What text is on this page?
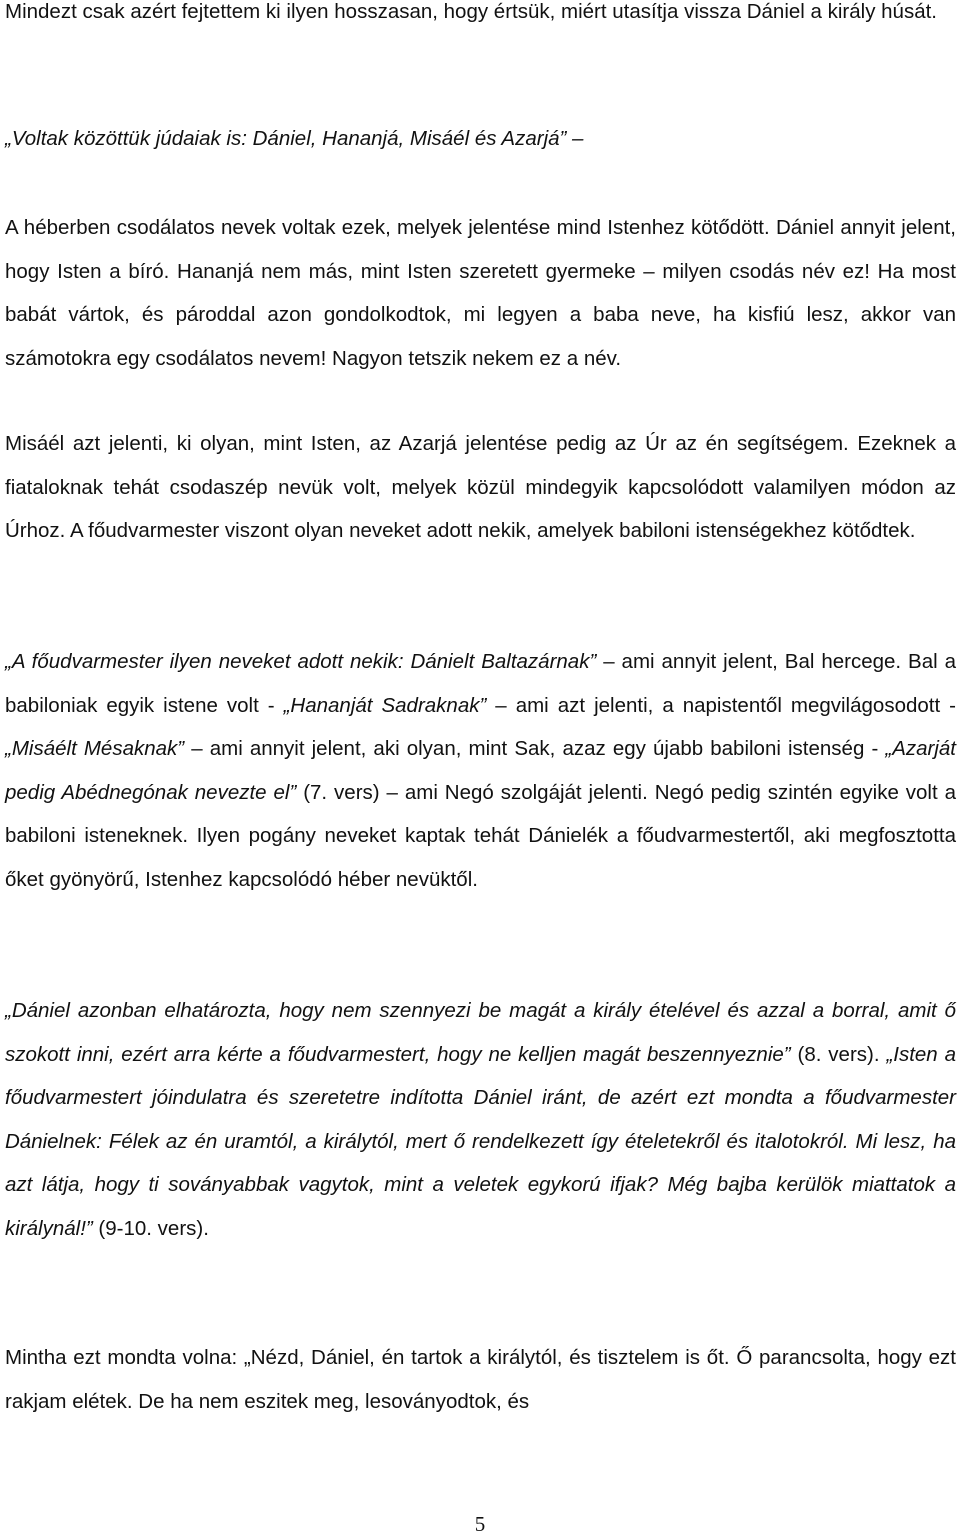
Mindezt csak azért fejtettem ki ilyen hosszasan, hogy értsük, miért utasítja vissza Dániel a király húsát.

„Voltak közöttük júdaiak is: Dániel, Hananjá, Misáél és Azarjá” –

A héberben csodálatos nevek voltak ezek, melyek jelentése mind Istenhez kötődött. Dániel annyit jelent, hogy Isten a bíró. Hananjá nem más, mint Isten szeretett gyermeke – milyen csodás név ez! Ha most babát vártok, és pároddal azon gondolkodtok, mi legyen a baba neve, ha kisfiú lesz, akkor van számotokra egy csodálatos nevem! Nagyon tetszik nekem ez a név.

Misáél azt jelenti, ki olyan, mint Isten, az Azarjá jelentése pedig az Úr az én segítségem. Ezeknek a fiataloknak tehát csodaszép nevük volt, melyek közül mindegyik kapcsolódott valamilyen módon az Úrhoz. A főudvarmester viszont olyan neveket adott nekik, amelyek babiloni istenségekhez kötődtek.

„A főudvarmester ilyen neveket adott nekik: Dánielt Baltazárnak” – ami annyit jelent, Bal hercege. Bal a babiloniak egyik istene volt - „Hananját Sadraknak” – ami azt jelenti, a napistentől megvilágosodott - „Misáélt Mésaknak” – ami annyit jelent, aki olyan, mint Sak, azaz egy újabb babiloni istenség - „Azarját pedig Abédnegónak nevezte el” (7. vers) – ami Negó szolgáját jelenti. Negó pedig szintén egyike volt a babiloni isteneknek. Ilyen pogány neveket kaptak tehát Dánielék a főudvarmestertől, aki megfosztotta őket gyönyörű, Istenhez kapcsolódó héber nevüktől.

„Dániel azonban elhatározta, hogy nem szennyezi be magát a király ételével és azzal a borral, amit ő szokott inni, ezért arra kérte a főudvarmestert, hogy ne kelljen magát beszennyeznie” (8. vers). „Isten a főudvarmestert jóindulatra és szeretetre indította Dániel iránt, de azért ezt mondta a főudvarmester Dánielnek: Félek az én uramtól, a királytól, mert ő rendelkezett így ételetekről és italotokról. Mi lesz, ha azt látja, hogy ti soványabbak vagytok, mint a veletek egykorú ifjak? Még bajba kerülök miattatok a királynál!” (9-10. vers).

Mintha ezt mondta volna: „Nézd, Dániel, én tartok a királytól, és tisztelem is őt. Ő parancsolta, hogy ezt rakjam elétek. De ha nem eszitek meg, lesoványodtok, és

5
